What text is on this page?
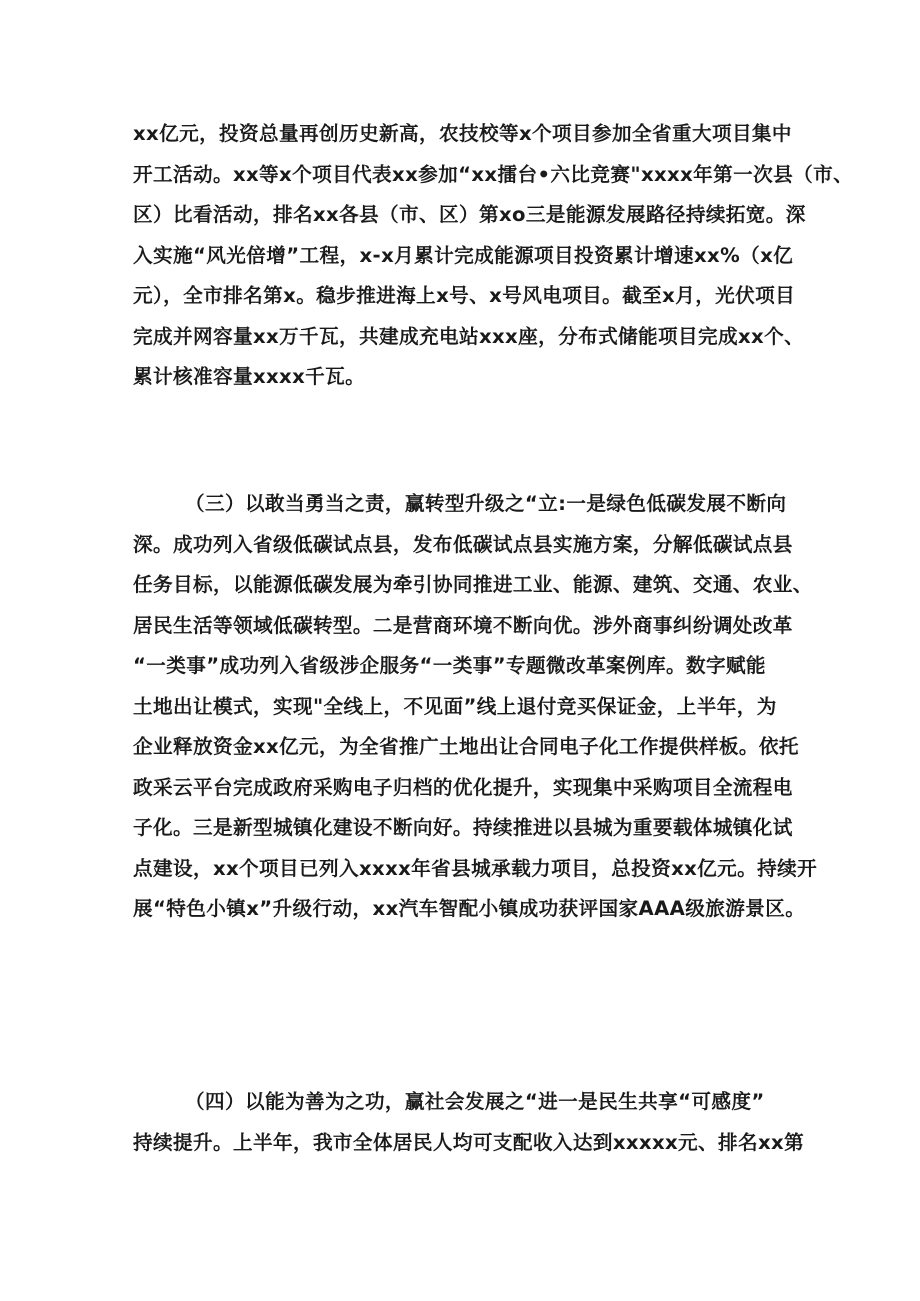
xx亿元，投资总量再创历史新高，农技校等x个项目参加全省重大项目集中
开工活动。xx等x个项目代表xx参加“xx擂台•六比竞赛"xxxx年第一次县（市、
区）比看活动，排名xx各县（市、区）第xo三是能源发展路径持续拓宽。深
入实施“风光倍增”工程，x-x月累计完成能源项目投资累计增速xx%（x亿
元），全市排名第x。稳步推进海上x号、x号风电项目。截至x月，光伏项目
完成并网容量xx万千瓦，共建成充电站xxx座，分布式储能项目完成xx个、
累计核准容量xxxx千瓦。
（三）以敢当勇当之责，赢转型升级之“立:一是绿色低碳发展不断向
深。成功列入省级低碳试点县，发布低碳试点县实施方案，分解低碳试点县
任务目标，以能源低碳发展为牵引协同推进工业、能源、建筑、交通、农业、
居民生活等领域低碳转型。二是营商环境不断向优。涉外商事纠纷调处改革
“一类事”成功列入省级涉企服务“一类事”专题微改革案例库。数字赋能
土地出让模式，实现"全线上，不见面”线上退付竞买保证金，上半年，为
企业释放资金xx亿元，为全省推广土地出让合同电子化工作提供样板。依托
政采云平台完成政府采购电子归档的优化提升，实现集中采购项目全流程电
子化。三是新型城镇化建设不断向好。持续推进以县城为重要载体城镇化试
点建设，xx个项目已列入xxxx年省县城承载力项目，总投资xx亿元。持续开
展“特色小镇x”升级行动，xx汽车智配小镇成功获评国家AAA级旅游景区。
（四）以能为善为之功，赢社会发展之“进一是民生共享“可感度”
持续提升。上半年，我市全体居民人均可支配收入达到xxxxx元、排名xx第
